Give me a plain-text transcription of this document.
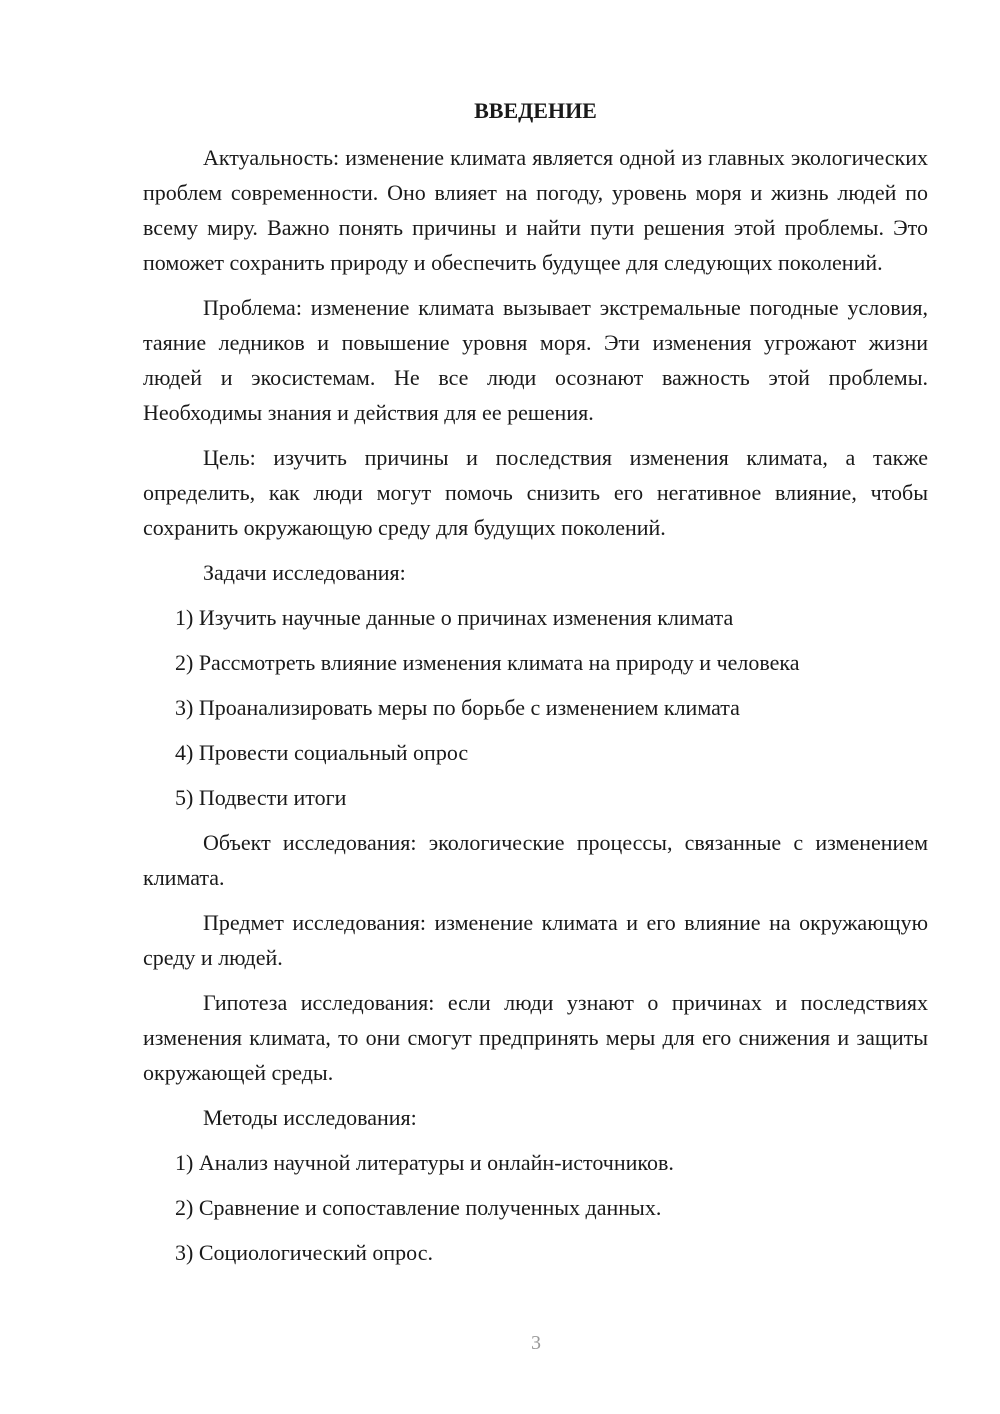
ВВЕДЕНИЕ

Актуальность: изменение климата является одной из главных экологических проблем современности. Оно влияет на погоду, уровень моря и жизнь людей по всему миру. Важно понять причины и найти пути решения этой проблемы. Это поможет сохранить природу и обеспечить будущее для следующих поколений.

Проблема: изменение климата вызывает экстремальные погодные условия, таяние ледников и повышение уровня моря. Эти изменения угрожают жизни людей и экосистемам. Не все люди осознают важность этой проблемы. Необходимы знания и действия для ее решения.

Цель: изучить причины и последствия изменения климата, а также определить, как люди могут помочь снизить его негативное влияние, чтобы сохранить окружающую среду для будущих поколений.

Задачи исследования:

1) Изучить научные данные о причинах изменения климата

2) Рассмотреть влияние изменения климата на природу и человека

3) Проанализировать меры по борьбе с изменением климата

4) Провести социальный опрос

5) Подвести итоги

Объект исследования: экологические процессы, связанные с изменением климата.

Предмет исследования: изменение климата и его влияние на окружающую среду и людей.

Гипотеза исследования: если люди узнают о причинах и последствиях изменения климата, то они смогут предпринять меры для его снижения и защиты окружающей среды.

Методы исследования:

1) Анализ научной литературы и онлайн-источников.

2) Сравнение и сопоставление полученных данных.

3) Социологический опрос.

3
